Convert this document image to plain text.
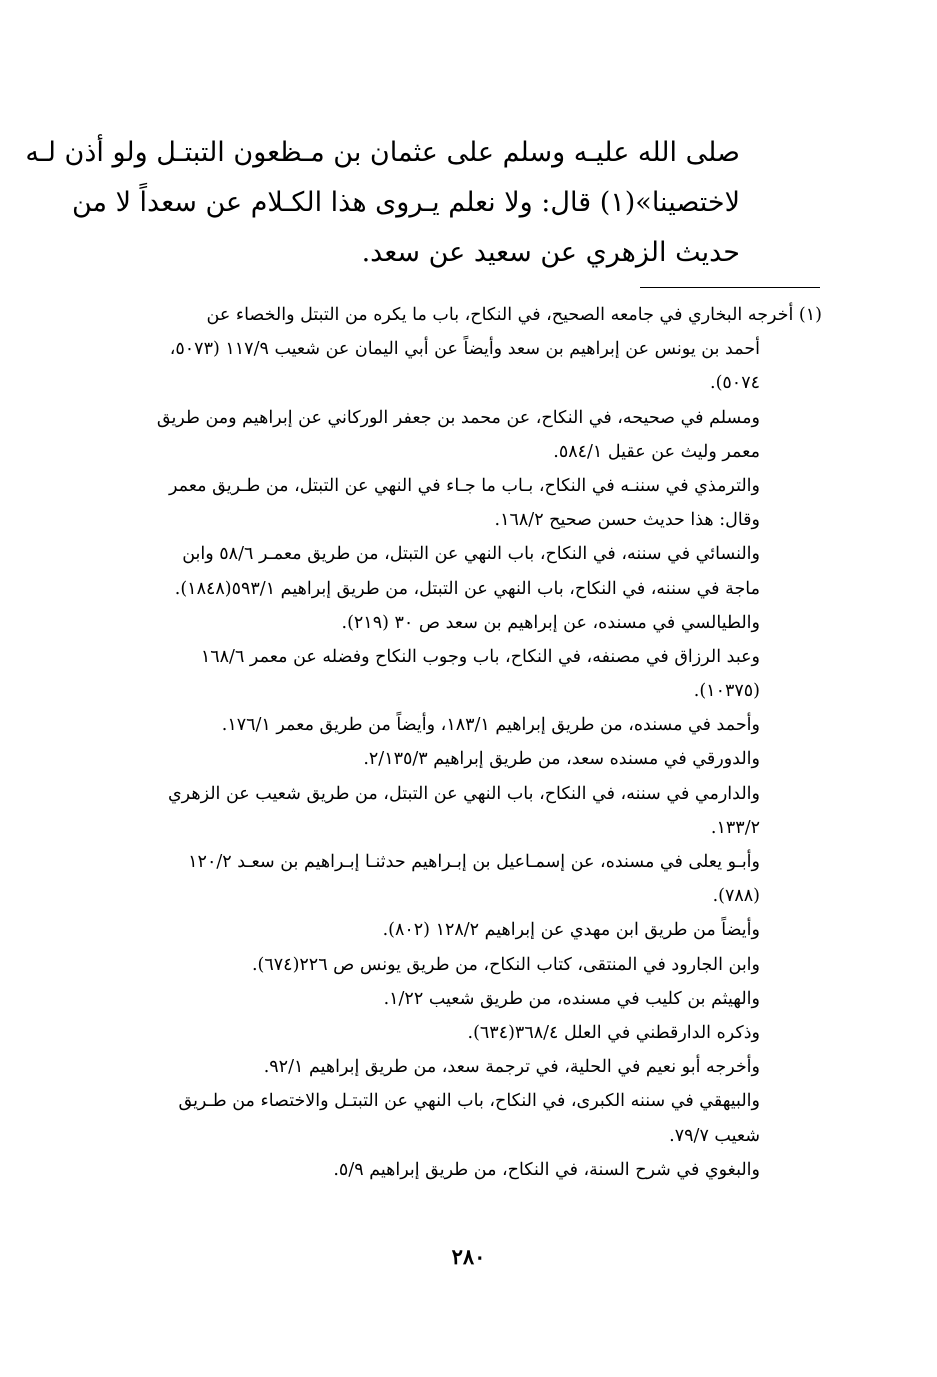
صلى الله عليـه وسلم على عثمان بن مـظعون التبتـل ولو أذن لـه
لاختصينا»(١) قال: ولا نعلم يـروى هذا الكـلام عن سعداً لا من
حديث الزهري عن سعيد عن سعد.
(١) أخرجه البخاري في جامعه الصحيح، في النكاح، باب ما يكره من التبتل والخصاء عن
أحمد بن يونس عن إبراهيم بن سعد وأيضاً عن أبي اليمان عن شعيب ١١٧/٩ (٥٠٧٣،
٥٠٧٤).
ومسلم في صحيحه، في النكاح، عن محمد بن جعفر الوركاني عن إبراهيم ومن طريق
معمر وليث عن عقيل ٥٨٤/١.
والترمذي في سننـه في النكاح، بـاب ما جـاء في النهي عن التبتل، من طـريق معمر
وقال: هذا حديث حسن صحيح ١٦٨/٢.
والنسائي في سننه، في النكاح، باب النهي عن التبتل، من طريق معمـر ٥٨/٦ وابن
ماجة في سننه، في النكاح، باب النهي عن التبتل، من طريق إبراهيم ٥٩٣/١(١٨٤٨).
والطيالسي في مسنده، عن إبراهيم بن سعد ص ٣٠ (٢١٩).
وعبد الرزاق في مصنفه، في النكاح، باب وجوب النكاح وفضله عن معمر ١٦٨/٦
(١٠٣٧٥).
وأحمد في مسنده، من طريق إبراهيم ١٨٣/١، وأيضاً من طريق معمر ١٧٦/١.
والدورقي في مسنده سعد، من طريق إبراهيم ٢/١٣٥/٣.
والدارمي في سننه، في النكاح، باب النهي عن التبتل، من طريق شعيب عن الزهري
١٣٣/٢.
وأبـو يعلى في مسنده، عن إسمـاعيل بن إبـراهيم حدثنـا إبـراهيم بن سعـد ١٢٠/٢
(٧٨٨).
وأيضاً من طريق ابن مهدي عن إبراهيم ١٢٨/٢ (٨٠٢).
وابن الجارود في المنتقى، كتاب النكاح، من طريق يونس ص ٢٢٦(٦٧٤).
والهيثم بن كليب في مسنده، من طريق شعيب ١/٢٢.
وذكره الدارقطني في العلل ٣٦٨/٤(٦٣٤).
وأخرجه أبو نعيم في الحلية، في ترجمة سعد، من طريق إبراهيم ٩٢/١.
والبيهقي في سننه الكبرى، في النكاح، باب النهي عن التبتـل والاختصاء من طـريق
شعيب ٧٩/٧.
والبغوي في شرح السنة، في النكاح، من طريق إبراهيم ٥/٩.
٢٨٠
